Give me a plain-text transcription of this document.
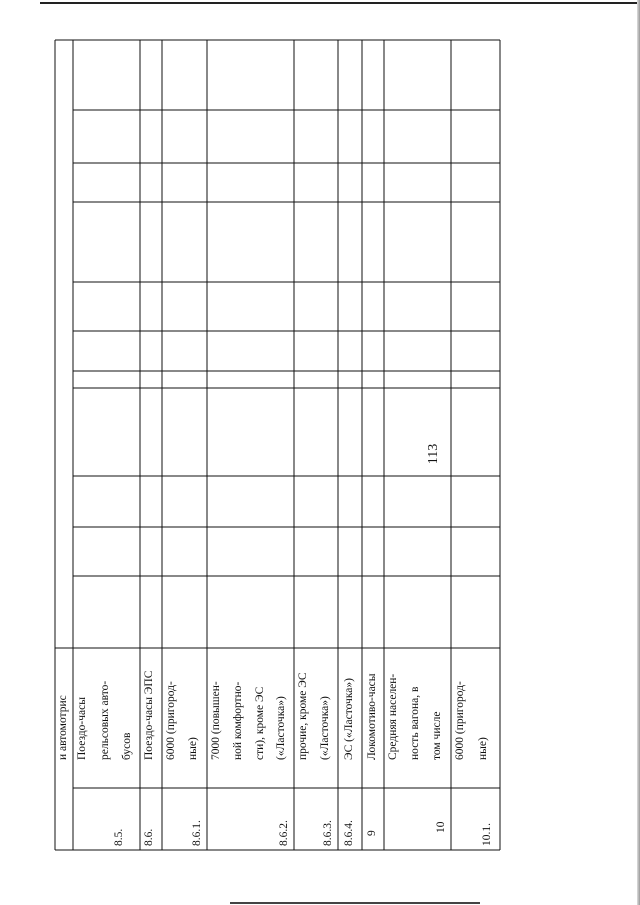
113
и автомотрис
8.5.
Поездо-часы рельсовых авто- бусов
8.6.
Поездо-часы ЭПС
8.6.1.
6000 (пригород- ные)
8.6.2.
7000 (повышен- ной комфортно- сти), кроме ЭС («Ласточка»)
8.6.3.
прочие, кроме ЭС («Ласточка»)
8.6.4.
ЭС («Ласточка»)
9
Локомотиво-часы
10
Средняя населен- ность вагона, в том числе
10.1.
6000 (пригород- ные)
